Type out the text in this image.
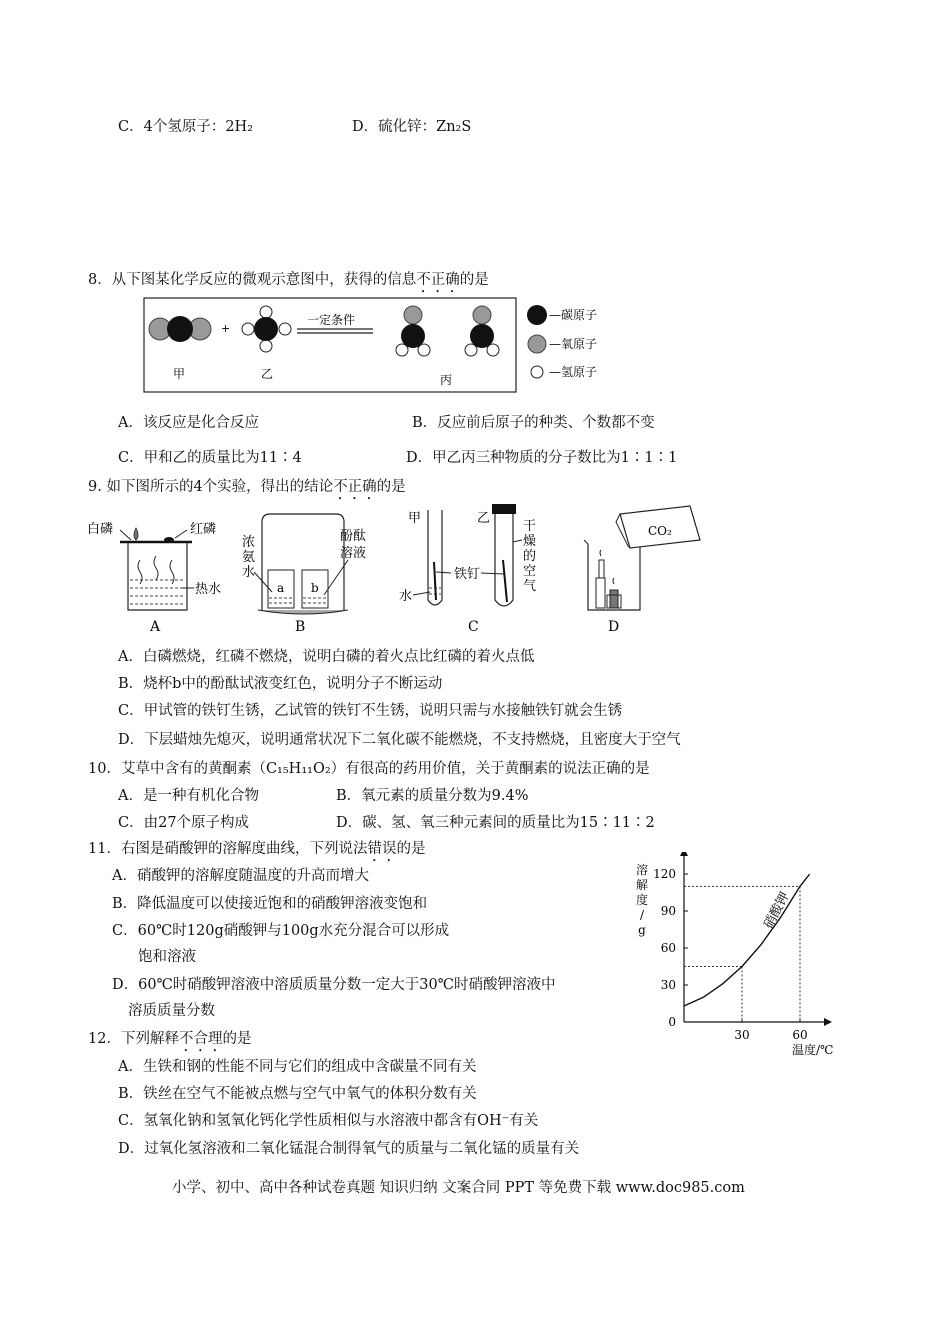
C．4个氢原子：2H₂	D．硫化锌：Zn₂S
8．从下图某化学反应的微观示意图中，获得的信息不正确的是
+
一定条件
甲	乙	丙
—碳原子
—氧原子
—氢原子
A．该反应是化合反应	B．反应前后原子的种类、个数都不变
C．甲和乙的质量比为11∶4	D．甲乙丙三种物质的分子数比为1∶1∶1
9. 如下图所示的4个实验，得出的结论不正确的是
白磷	红磷
热水
A
a b
浓
氨
水
酚酞
溶液
B
甲
水
乙
铁钉
干
燥
的
空
气
C
CO₂
D
A．白磷燃烧，红磷不燃烧，说明白磷的着火点比红磷的着火点低
B．烧杯b中的酚酞试液变红色，说明分子不断运动
C．甲试管的铁钉生锈，乙试管的铁钉不生锈，说明只需与水接触铁钉就会生锈
D．下层蜡烛先熄灭，说明通常状况下二氧化碳不能燃烧，不支持燃烧，且密度大于空气
10．艾草中含有的黄酮素（C₁₅H₁₁O₂）有很高的药用价值，关于黄酮素的说法正确的是
A．是一种有机化合物	B．氧元素的质量分数为9.4%
C．由27个原子构成	D．碳、氢、氧三种元素间的质量比为15∶11∶2
11．右图是硝酸钾的溶解度曲线，下列说法错误的是
A．硝酸钾的溶解度随温度的升高而增大
B．降低温度可以使接近饱和的硝酸钾溶液变饱和
C．60℃时120g硝酸钾与100g水充分混合可以形成
饱和溶液
D．60℃时硝酸钾溶液中溶质质量分数一定大于30℃时硝酸钾溶液中
溶质质量分数
30
60
90
120
0
30	60
硝酸钾
溶
解
度
/
g
温度/℃
12．下列解释不合理的是
A．生铁和钢的性能不同与它们的组成中含碳量不同有关
B．铁丝在空气不能被点燃与空气中氧气的体积分数有关
C．氢氧化钠和氢氧化钙化学性质相似与水溶液中都含有OH⁻有关
D．过氧化氢溶液和二氧化锰混合制得氧气的质量与二氧化锰的质量有关
小学、初中、高中各种试卷真题 知识归纳 文案合同 PPT 等免费下载 www.doc985.com
